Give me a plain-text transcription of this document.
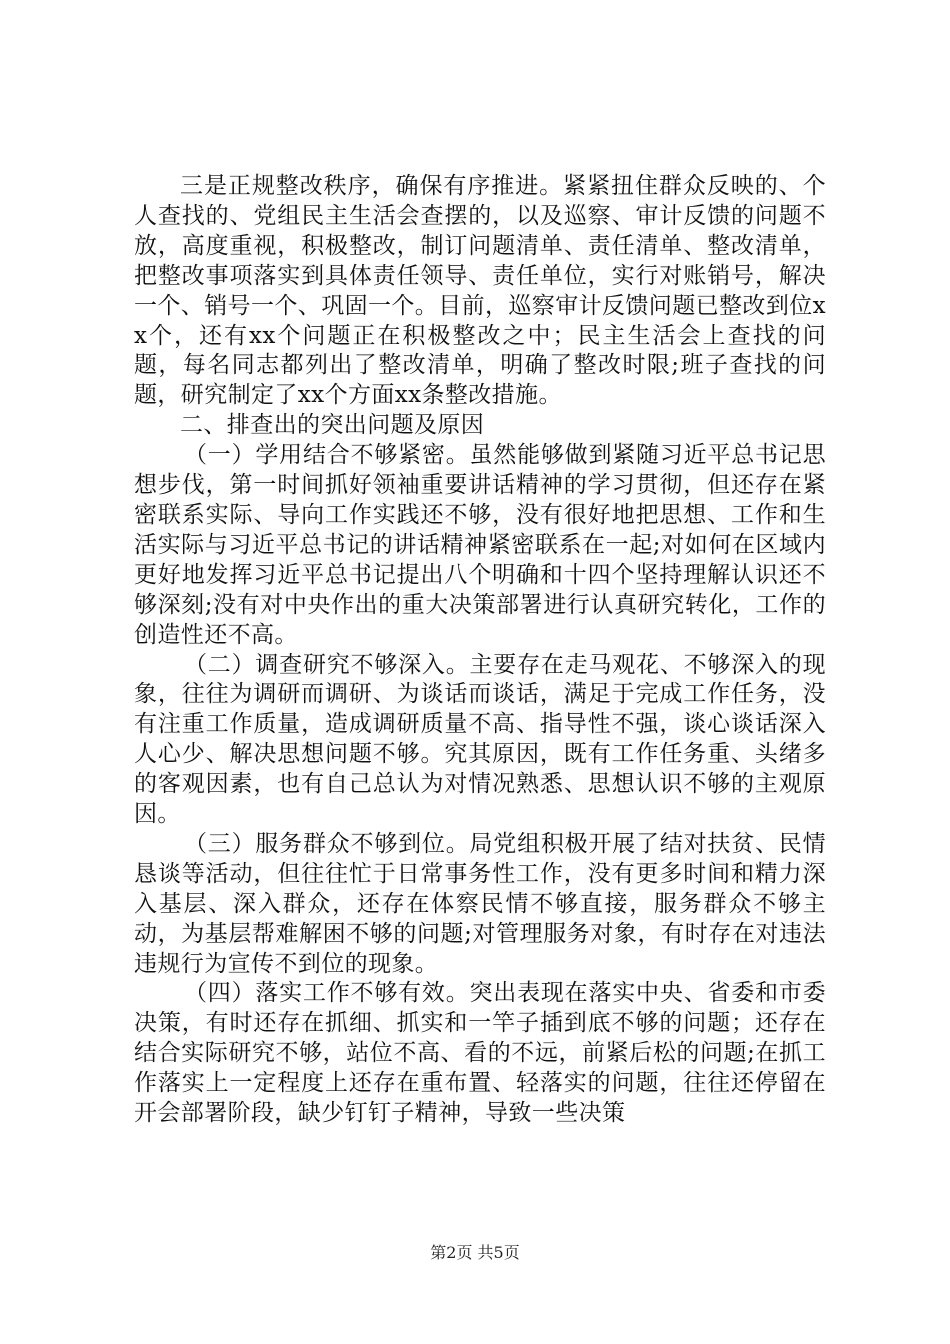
三是正规整改秩序，确保有序推进。紧紧扭住群众反映的、个人查找的、党组民主生活会查摆的，以及巡察、审计反馈的问题不放，高度重视，积极整改，制订问题清单、责任清单、整改清单，把整改事项落实到具体责任领导、责任单位，实行对账销号，解决一个、销号一个、巩固一个。目前，巡察审计反馈问题已整改到位xx个，还有xx个问题正在积极整改之中；民主生活会上查找的问题，每名同志都列出了整改清单，明确了整改时限;班子查找的问题，研究制定了xx个方面xx条整改措施。

二、排查出的突出问题及原因

（一）学用结合不够紧密。虽然能够做到紧随习近平总书记思想步伐，第一时间抓好领袖重要讲话精神的学习贯彻，但还存在紧密联系实际、导向工作实践还不够，没有很好地把思想、工作和生活实际与习近平总书记的讲话精神紧密联系在一起;对如何在区域内更好地发挥习近平总书记提出八个明确和十四个坚持理解认识还不够深刻;没有对中央作出的重大决策部署进行认真研究转化，工作的创造性还不高。

（二）调查研究不够深入。主要存在走马观花、不够深入的现象，往往为调研而调研、为谈话而谈话，满足于完成工作任务，没有注重工作质量，造成调研质量不高、指导性不强，谈心谈话深入人心少、解决思想问题不够。究其原因，既有工作任务重、头绪多的客观因素，也有自己总认为对情况熟悉、思想认识不够的主观原因。

（三）服务群众不够到位。局党组积极开展了结对扶贫、民情恳谈等活动，但往往忙于日常事务性工作，没有更多时间和精力深入基层、深入群众，还存在体察民情不够直接，服务群众不够主动，为基层帮难解困不够的问题;对管理服务对象，有时存在对违法违规行为宣传不到位的现象。

（四）落实工作不够有效。突出表现在落实中央、省委和市委决策，有时还存在抓细、抓实和一竿子插到底不够的问题；还存在结合实际研究不够，站位不高、看的不远，前紧后松的问题;在抓工作落实上一定程度上还存在重布置、轻落实的问题，往往还停留在开会部署阶段，缺少钉钉子精神，导致一些决策

第2页 共5页
